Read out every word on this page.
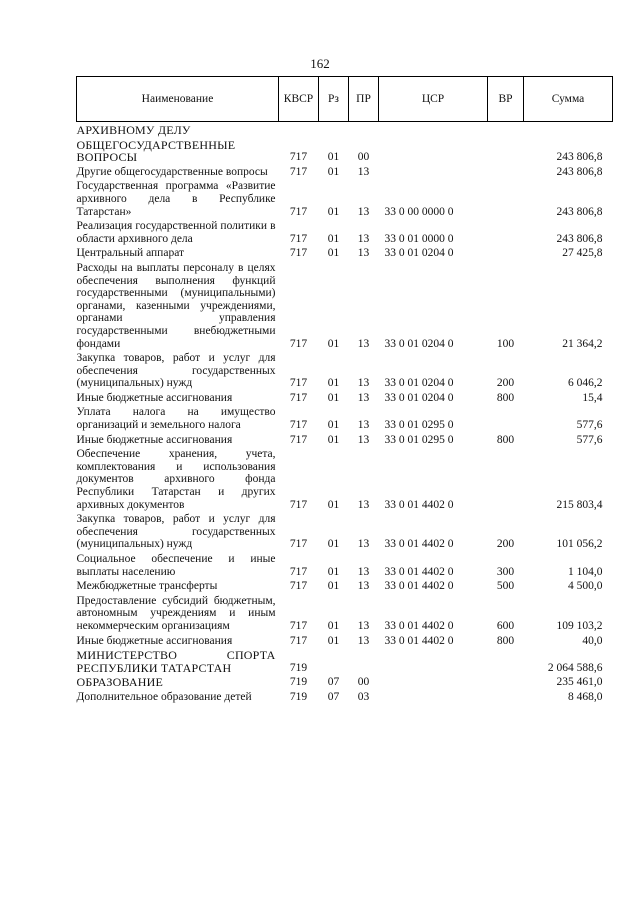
162
Наименование	КВСР	Рз	ПР	ЦСР	ВР	Сумма
АРХИВНОМУ ДЕЛУ						
ОБЩЕГОСУДАРСТВЕННЫЕ ВОПРОСЫ	717	01	00			243 806,8
Другие общегосударственные вопросы	717	01	13			243 806,8
Государственная программа «Развитие архивного дела в Республике Татарстан»	717	01	13	33 0 00 0000 0		243 806,8
Реализация государственной политики в области архивного дела	717	01	13	33 0 01 0000 0		243 806,8
Центральный аппарат	717	01	13	33 0 01 0204 0		27 425,8
Расходы на выплаты персоналу в целях обеспечения выполнения функций государственными (муниципальными) органами, казенными учреждениями, органами управления государственными внебюджетными фондами	717	01	13	33 0 01 0204 0	100	21 364,2
Закупка товаров, работ и услуг для обеспечения государственных (муниципальных) нужд	717	01	13	33 0 01 0204 0	200	6 046,2
Иные бюджетные ассигнования	717	01	13	33 0 01 0204 0	800	15,4
Уплата налога на имущество организаций и земельного налога	717	01	13	33 0 01 0295 0		577,6
Иные бюджетные ассигнования	717	01	13	33 0 01 0295 0	800	577,6
Обеспечение хранения, учета, комплектования и использования документов архивного фонда Республики Татарстан и других архивных документов	717	01	13	33 0 01 4402 0		215 803,4
Закупка товаров, работ и услуг для обеспечения государственных (муниципальных) нужд	717	01	13	33 0 01 4402 0	200	101 056,2
Социальное обеспечение и иные выплаты населению	717	01	13	33 0 01 4402 0	300	1 104,0
Межбюджетные трансферты	717	01	13	33 0 01 4402 0	500	4 500,0
Предоставление субсидий бюджетным, автономным учреждениям и иным некоммерческим организациям	717	01	13	33 0 01 4402 0	600	109 103,2
Иные бюджетные ассигнования	717	01	13	33 0 01 4402 0	800	40,0
МИНИСТЕРСТВО СПОРТА РЕСПУБЛИКИ ТАТАРСТАН	719					2 064 588,6
ОБРАЗОВАНИЕ	719	07	00			235 461,0
Дополнительное образование детей	719	07	03			8 468,0
